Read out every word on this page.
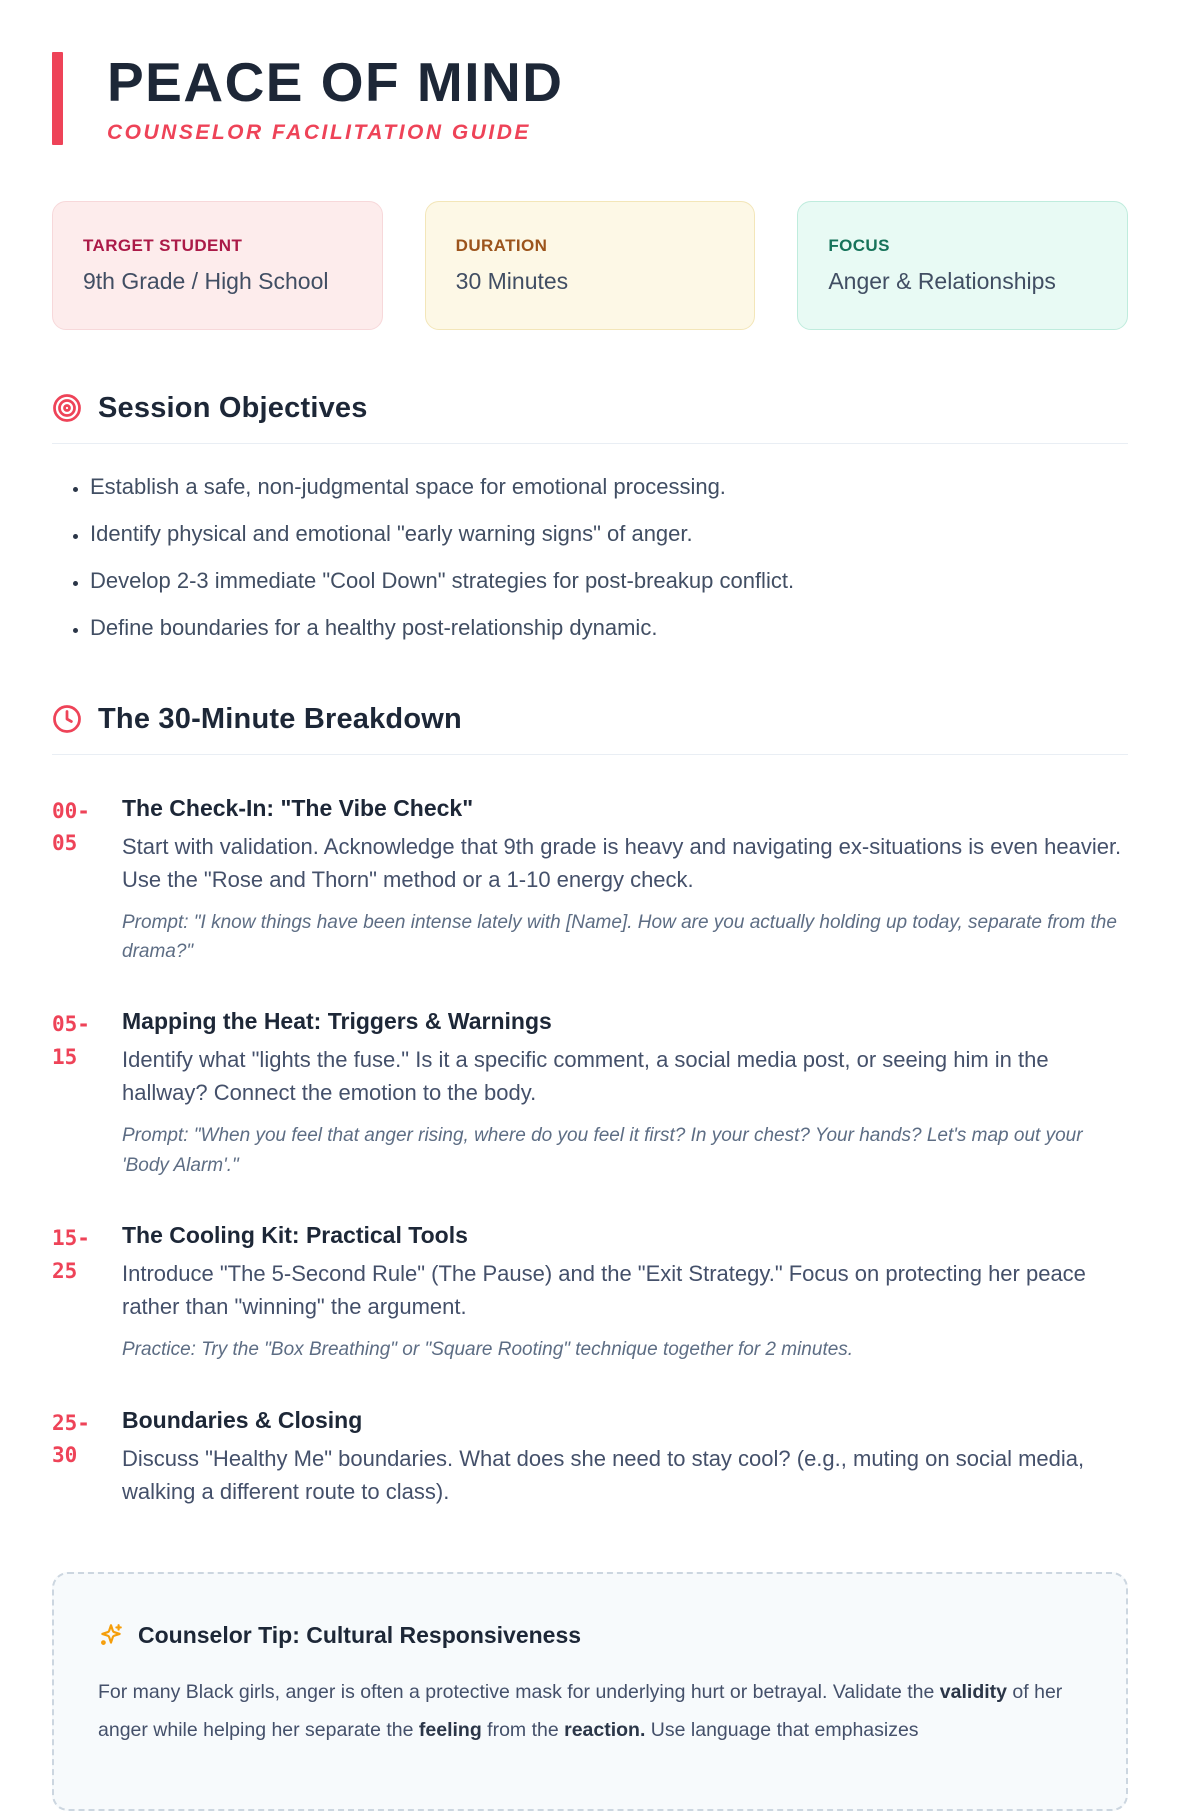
PEACE OF MIND
COUNSELOR FACILITATION GUIDE
TARGET STUDENT
9th Grade / High School
DURATION
30 Minutes
FOCUS
Anger & Relationships
Session Objectives
• Establish a safe, non-judgmental space for emotional processing.
• Identify physical and emotional "early warning signs" of anger.
• Develop 2-3 immediate "Cool Down" strategies for post-breakup conflict.
• Define boundaries for a healthy post-relationship dynamic.
The 30-Minute Breakdown
00-
05
The Check-In: "The Vibe Check"

Start with validation. Acknowledge that 9th grade is heavy and navigating ex-situations is even heavier. Use the "Rose and Thorn" method or a 1-10 energy check.

Prompt: "I know things have been intense lately with [Name]. How are you actually holding up today, separate from the drama?"

05-
15
Mapping the Heat: Triggers & Warnings

Identify what "lights the fuse." Is it a specific comment, a social media post, or seeing him in the hallway? Connect the emotion to the body.

Prompt: "When you feel that anger rising, where do you feel it first? In your chest? Your hands? Let's map out your 'Body Alarm'."

15-
25
The Cooling Kit: Practical Tools

Introduce "The 5-Second Rule" (The Pause) and the "Exit Strategy." Focus on protecting her peace rather than "winning" the argument.

Practice: Try the "Box Breathing" or "Square Rooting" technique together for 2 minutes.

25-
30
Boundaries & Closing

Discuss "Healthy Me" boundaries. What does she need to stay cool? (e.g., muting on social media, walking a different route to class).

Counselor Tip: Cultural Responsiveness

For many Black girls, anger is often a protective mask for underlying hurt or betrayal. Validate the validity of her anger while helping her separate the feeling from the reaction. Use language that emphasizes
